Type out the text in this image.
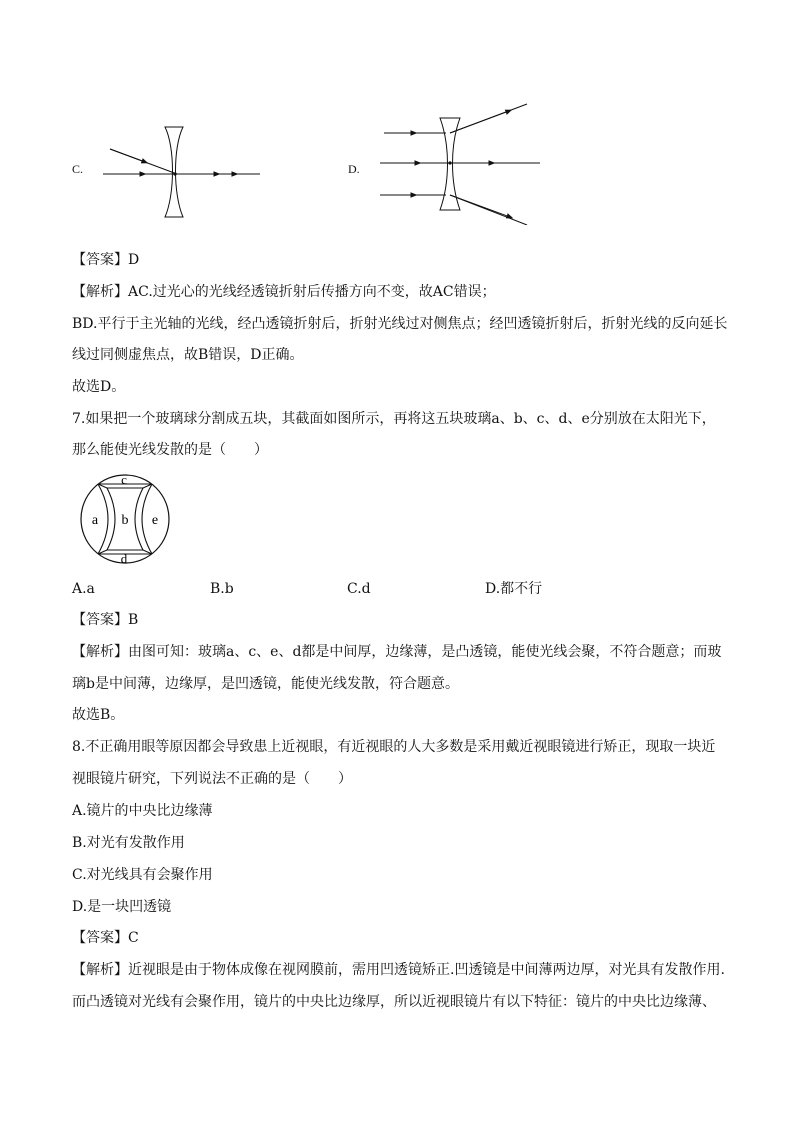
C.	D.
【答案】D
【解析】AC.过光心的光线经透镜折射后传播方向不变，故AC错误；
BD.平行于主光轴的光线，经凸透镜折射后，折射光线过对侧焦点；经凹透镜折射后，折射光线的反向延长
线过同侧虚焦点，故B错误，D正确。
故选D。
7.如果把一个玻璃球分割成五块，其截面如图所示，再将这五块玻璃a、b、c、d、e分别放在太阳光下，
那么能使光线发散的是（　　）
c
a b e
d
A.a	B.b	C.d	D.都不行
【答案】B
【解析】由图可知：玻璃a、c、e、d都是中间厚，边缘薄，是凸透镜，能使光线会聚，不符合题意；而玻
璃b是中间薄，边缘厚，是凹透镜，能使光线发散，符合题意。
故选B。
8.不正确用眼等原因都会导致患上近视眼，有近视眼的人大多数是采用戴近视眼镜进行矫正，现取一块近
视眼镜片研究，下列说法不正确的是（　　）
A.镜片的中央比边缘薄
B.对光有发散作用
C.对光线具有会聚作用
D.是一块凹透镜
【答案】C
【解析】近视眼是由于物体成像在视网膜前，需用凹透镜矫正.凹透镜是中间薄两边厚，对光具有发散作用.
而凸透镜对光线有会聚作用，镜片的中央比边缘厚，所以近视眼镜片有以下特征：镜片的中央比边缘薄、
